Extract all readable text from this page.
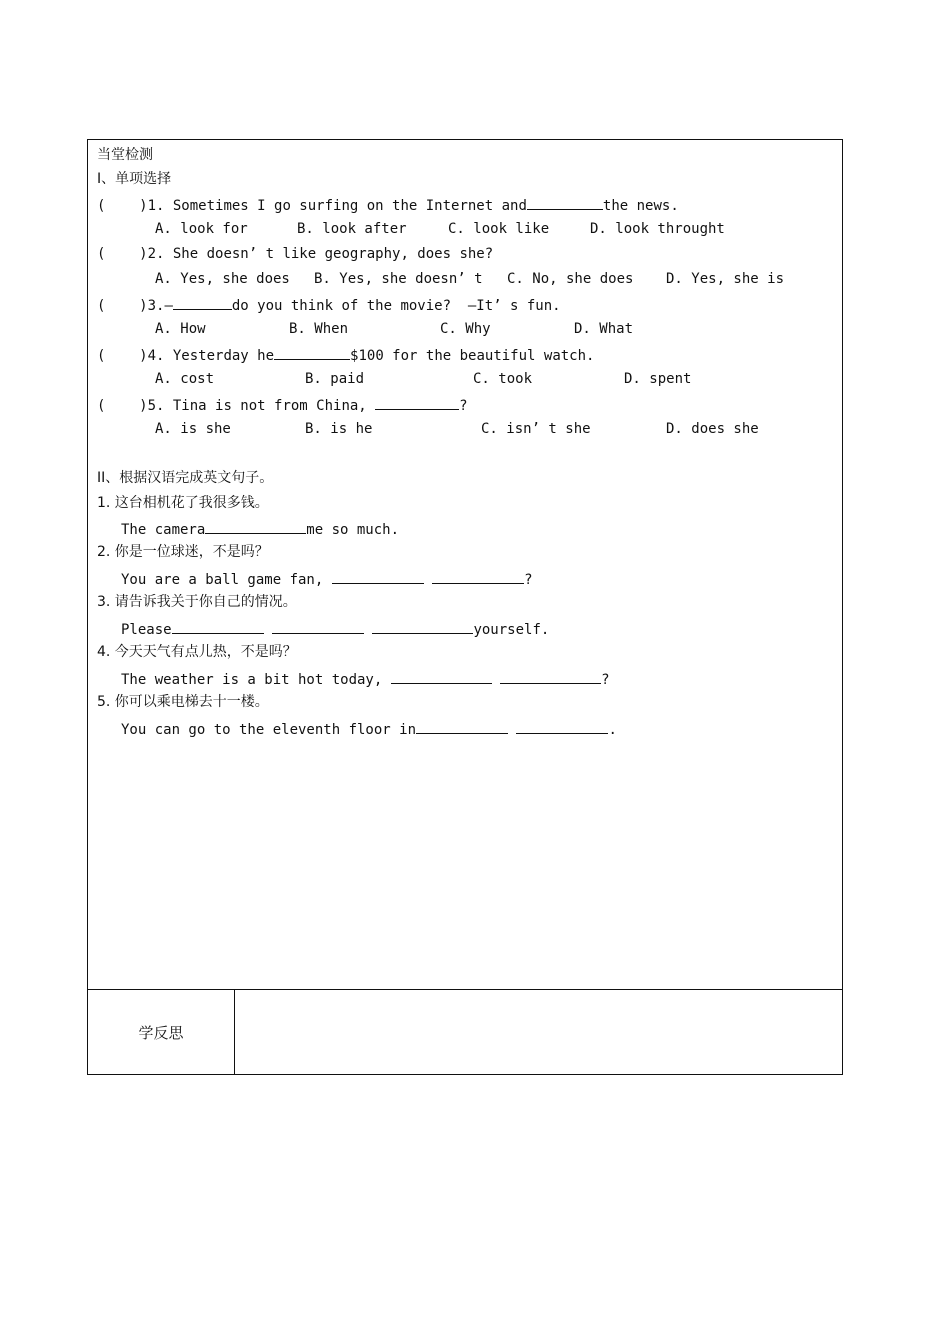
当堂检测
I、单项选择
(    )1. Sometimes I go surfing on the Internet and	the news.
A. look for	B. look after	C. look like	D. look throught
(    )2. She doesn’ t like geography, does she?
A. Yes, she does B. Yes, she doesn’ t C. No, she does D. Yes, she is
(    )3.—	do you think of the movie?  —It’ s fun.
A. How	B. When	C. Why	D. What
(    )4. Yesterday he	$100 for the beautiful watch.
A. cost	B. paid	C. took	D. spent
(    )5. Tina is not from China,	?
A. is she	B. is he	C. isn’ t she	D. does she
II、根据汉语完成英文句子。
1. 这台相机花了我很多钱。
The camera	me so much.
2. 你是一位球迷，不是吗？
You are a ball game fan,	?
3. 请告诉我关于你自己的情况。
Please	yourself.
4. 今天天气有点儿热，不是吗？
The weather is a bit hot today,	?
5. 你可以乘电梯去十一楼。
You can go to the eleventh floor in	.
学反思
